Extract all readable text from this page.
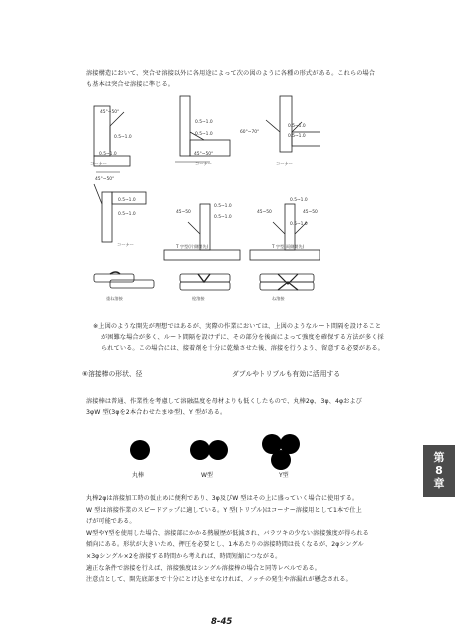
溶接構造において、突合せ溶接以外に各用途によって次の図のように各種の形式がある。これらの場合
も基本は突合せ溶接に準じる。
コーナー	コーナー	コーナー
コーナー	T 字型(片側開先)	T 字型(両側開先)
重ね溶接	栓溶接	ね溶接
45°~50°
0.5~1.0
0.5~1.0	45°~50°
0.5~1.0
0.5~1.0	60°~70°
0.5~1.0
0.5~1.0
45°~50°
0.5~1.0
0.5~1.0	45~50
0.5~1.0
0.5~1.0
45~50	45~50
0.5~1.0
0.5~1.0
※上図のような開先が理想ではあるが、実際の作業においては、上図のようなルート間隔を設けること
が困難な場合が多く、ルート間隔を設けずに、その部分を後面によって強度を確保する方法が多く採
られている。この場合には、接着剤を十分に乾燥させた後、溶接を行うよう、留意する必要がある。
⑥溶接棒の形状、径	ダブルやトリプルも有効に活用する
溶接棒は普通、作業性を考慮して溶融温度を母材よりも低くしたもので、丸棒2φ、3φ、4φおよび
3φW 型(3φを2本合わせたまゆ型)、Y 型がある。
丸棒	W型	Y型
丸棒2φは溶接加工時の仮止めに便利であり、3φ及びW 型はその上に盛っていく場合に使用する。
W 型は溶接作業のスピードアップに適している。Y 型(トリプル)はコーナー溶接用として1本で仕上
げが可能である。
W型やY型を使用した場合、溶接部にかかる熱履歴が低減され、バラツキの少ない溶接強度が得られる
傾向にある。形状が大きいため、押圧を必要とし、1本あたりの溶接時間は長くなるが、2φシングル
×3φシングル×2を溶接する時間から考えれば、時間短縮につながる。
適正な条件で溶接を行えば、溶接強度はシングル溶接棒の場合と同等レベルである。
注意点として、開先底部まで十分にとけ込ませなければ、ノッチの発生や溶漏れが懸念される。
第
8
章
8-45
